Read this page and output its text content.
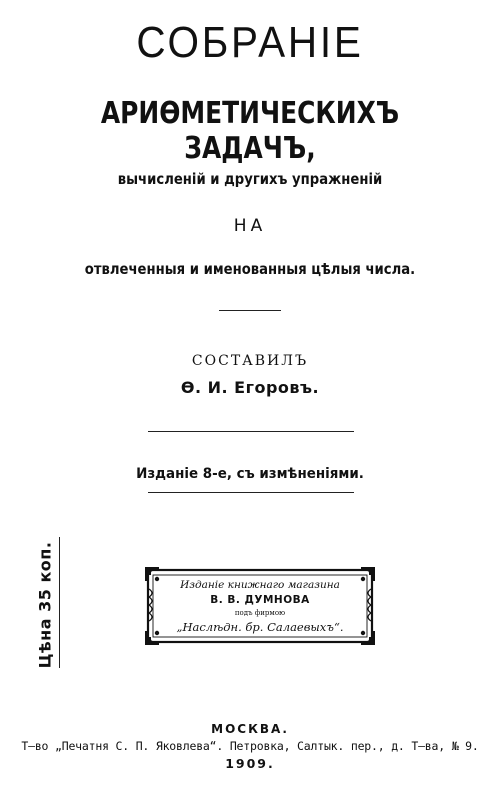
СОБРАНІЕ
АРИѲМЕТИЧЕСКИХЪ ЗАДАЧЪ,
вычисленій и другихъ упражненій
НА
отвлеченныя и именованныя цѣлыя числа.
СОСТАВИЛЪ
Ѳ. И. Егоровъ.
Изданіе 8-е, съ измѣненіями.
Цѣна 35 коп.	Изданіе книжнаго магазина
В. В. ДУМНОВА
подъ фирмою
„Наслѣдн. бр. Салаевыхъ“.
МОСКВА.
Т—во „Печатня С. П. Яковлева“. Петровка, Салтык. пер., д. Т—ва, № 9.
1909.
